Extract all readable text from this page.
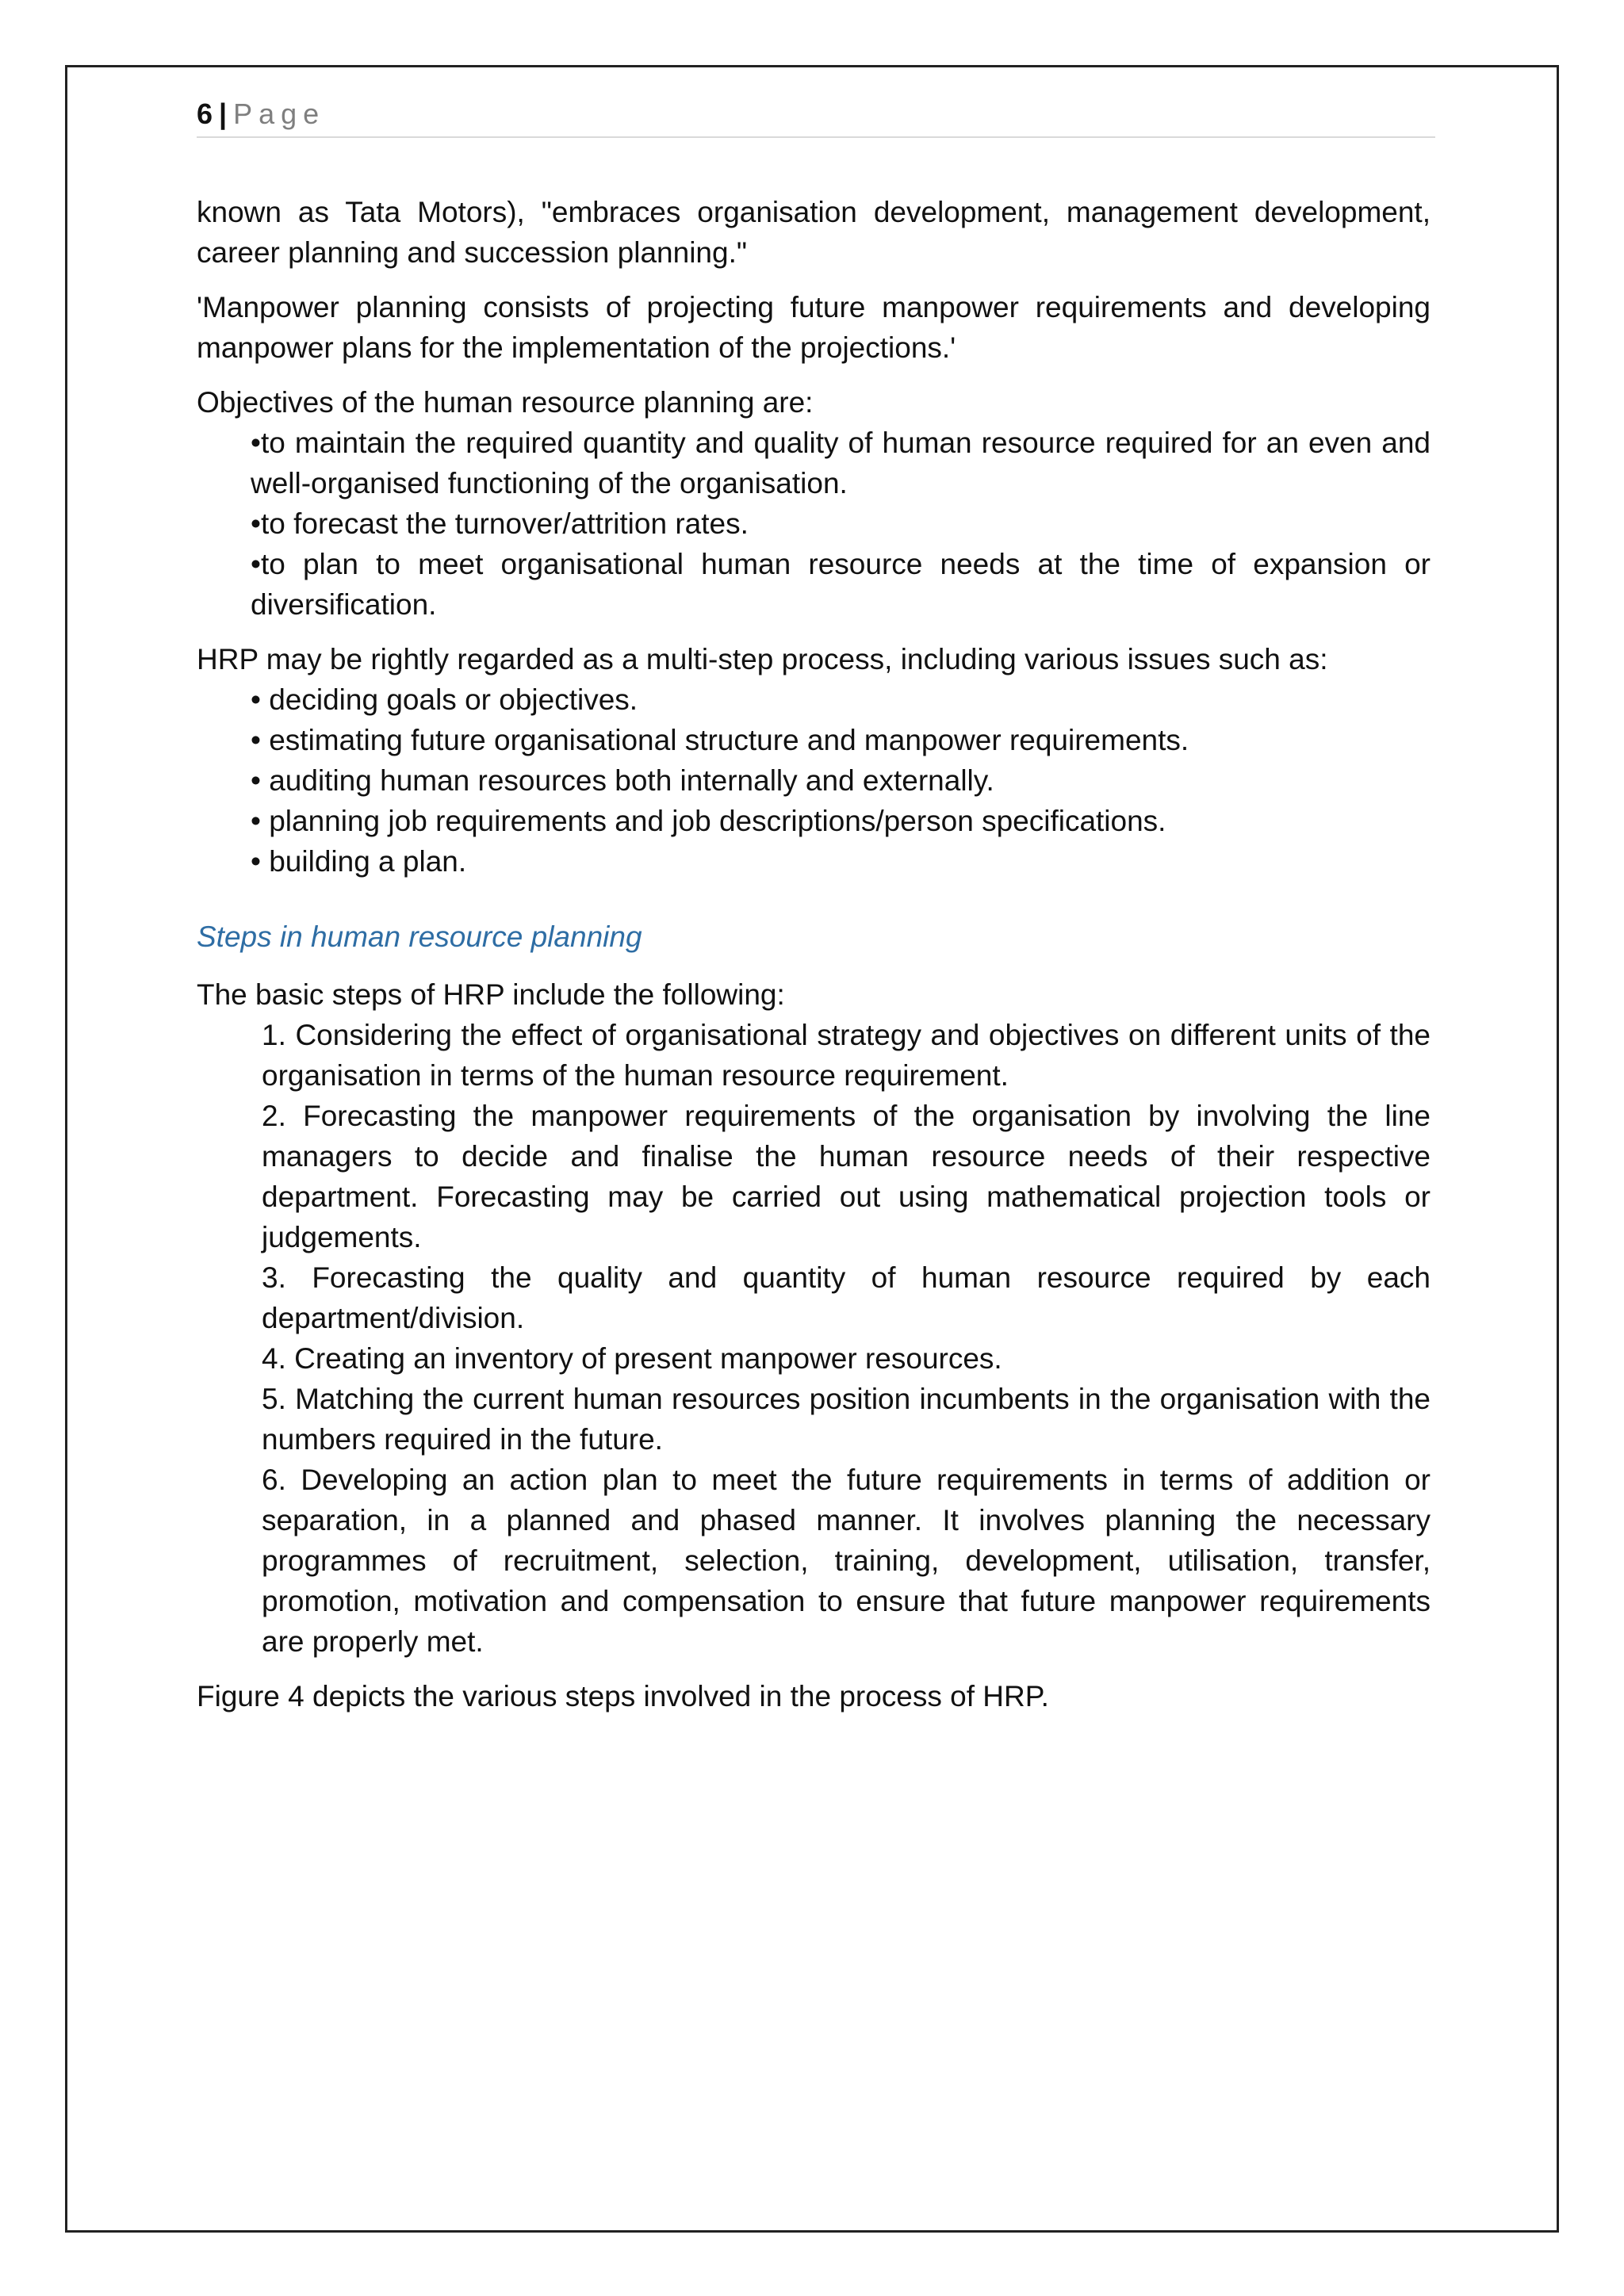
6 | Page

known as Tata Motors), "embraces organisation development, management development, career planning and succession planning."

'Manpower planning consists of projecting future manpower requirements and developing manpower plans for the implementation of the projections.'

Objectives of the human resource planning are:

•to maintain the required quantity and quality of human resource required for an even and well-organised functioning of the organisation.
•to forecast the turnover/attrition rates.
•to plan to meet organisational human resource needs at the time of expansion or diversification.

HRP may be rightly regarded as a multi-step process, including various issues such as:

• deciding goals or objectives.
• estimating future organisational structure and manpower requirements.
• auditing human resources both internally and externally.
• planning job requirements and job descriptions/person specifications.
• building a plan.
Steps in human resource planning

The basic steps of HRP include the following:

1. Considering the effect of organisational strategy and objectives on different units of the organisation in terms of the human resource requirement.
2. Forecasting the manpower requirements of the organisation by involving the line managers to decide and finalise the human resource needs of their respective department. Forecasting may be carried out using mathematical projection tools or judgements.
3. Forecasting the quality and quantity of human resource required by each department/division.
4. Creating an inventory of present manpower resources.
5. Matching the current human resources position incumbents in the organisation with the numbers required in the future.
6. Developing an action plan to meet the future requirements in terms of addition or separation, in a planned and phased manner. It involves planning the necessary programmes of recruitment, selection, training, development, utilisation, transfer, promotion, motivation and compensation to ensure that future manpower requirements are properly met.

Figure 4 depicts the various steps involved in the process of HRP.
